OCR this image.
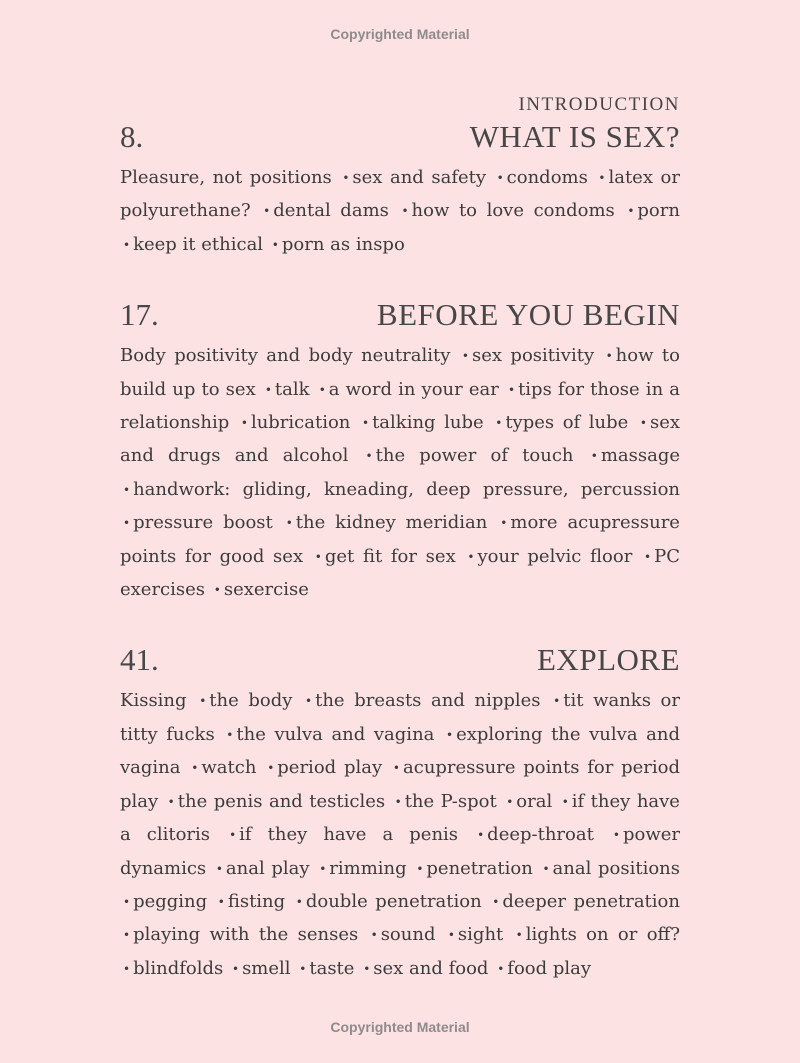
Copyrighted Material
INTRODUCTION
8.	WHAT IS SEX?
Pleasure, not positions • sex and safety • condoms • latex or polyurethane? • dental dams • how to love condoms • porn • keep it ethical • porn as inspo
17.	BEFORE YOU BEGIN
Body positivity and body neutrality • sex positivity • how to build up to sex • talk • a word in your ear • tips for those in a relationship • lubrication • talking lube • types of lube • sex and drugs and alcohol • the power of touch • massage • handwork: gliding, kneading, deep pressure, percussion • pressure boost • the kidney meridian • more acupressure points for good sex • get fit for sex • your pelvic floor • PC exercises • sexercise
41.	EXPLORE
Kissing • the body • the breasts and nipples • tit wanks or titty fucks • the vulva and vagina • exploring the vulva and vagina • watch • period play • acupressure points for period play • the penis and testicles • the P-spot • oral • if they have a clitoris • if they have a penis • deep-throat • power dynamics • anal play • rimming • penetration • anal positions • pegging • fisting • double penetration • deeper penetration • playing with the senses • sound • sight • lights on or off? • blindfolds • smell • taste • sex and food • food play
Copyrighted Material
